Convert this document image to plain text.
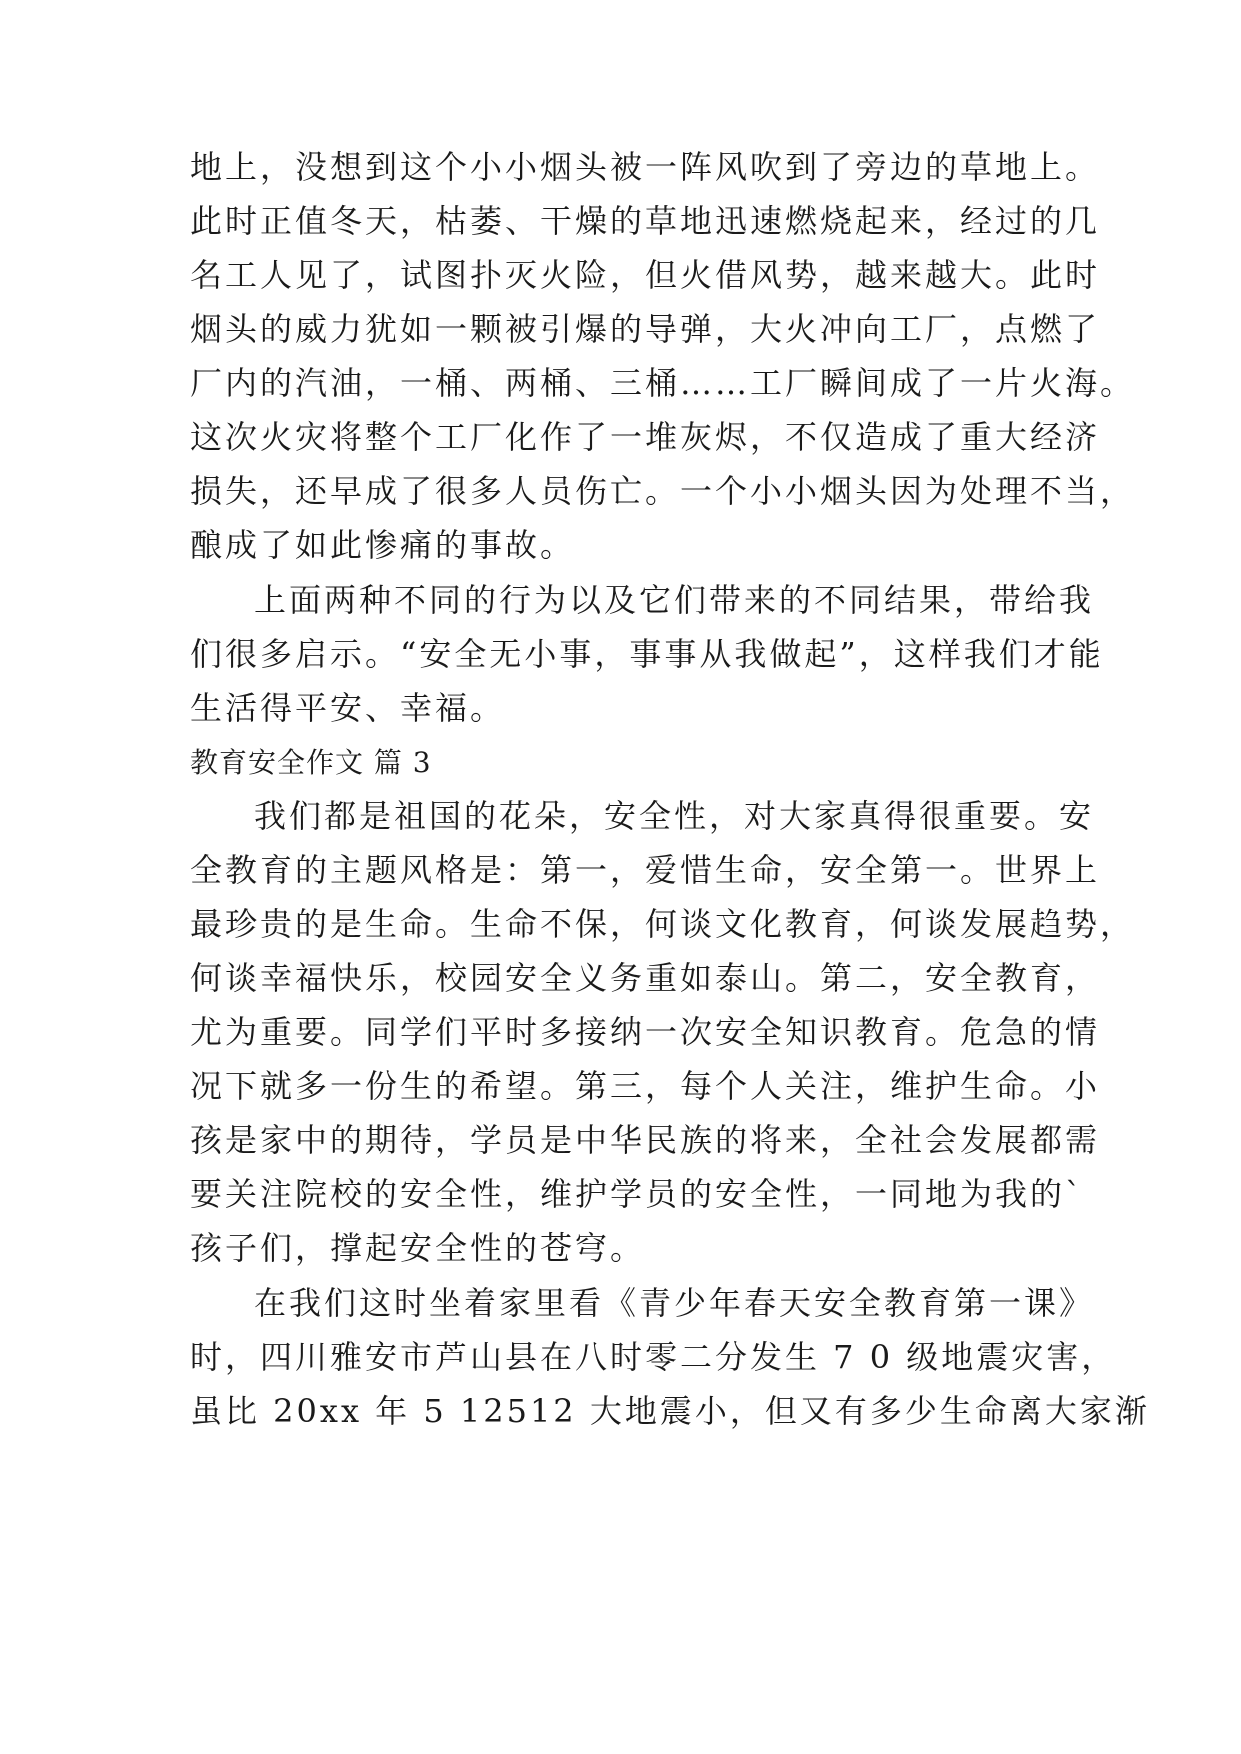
地上，没想到这个小小烟头被一阵风吹到了旁边的草地上。
此时正值冬天，枯萎、干燥的草地迅速燃烧起来，经过的几
名工人见了，试图扑灭火险，但火借风势，越来越大。此时
烟头的威力犹如一颗被引爆的导弹，大火冲向工厂，点燃了
厂内的汽油，一桶、两桶、三桶……工厂瞬间成了一片火海。
这次火灾将整个工厂化作了一堆灰烬，不仅造成了重大经济
损失，还早成了很多人员伤亡。一个小小烟头因为处理不当，
酿成了如此惨痛的事故。
上面两种不同的行为以及它们带来的不同结果，带给我
们很多启示。“安全无小事，事事从我做起”，这样我们才能
生活得平安、幸福。
教育安全作文 篇 3
我们都是祖国的花朵，安全性，对大家真得很重要。安
全教育的主题风格是：第一，爱惜生命，安全第一。世界上
最珍贵的是生命。生命不保，何谈文化教育，何谈发展趋势，
何谈幸福快乐，校园安全义务重如泰山。第二，安全教育，
尤为重要。同学们平时多接纳一次安全知识教育。危急的情
况下就多一份生的希望。第三，每个人关注，维护生命。小
孩是家中的期待，学员是中华民族的将来，全社会发展都需
要关注院校的安全性，维护学员的安全性，一同地为我的`
孩子们，撑起安全性的苍穹。
在我们这时坐着家里看《青少年春天安全教育第一课》
时，四川雅安市芦山县在八时零二分发生 7 0 级地震灾害，
虽比 20xx 年 5 12512 大地震小，但又有多少生命离大家渐
